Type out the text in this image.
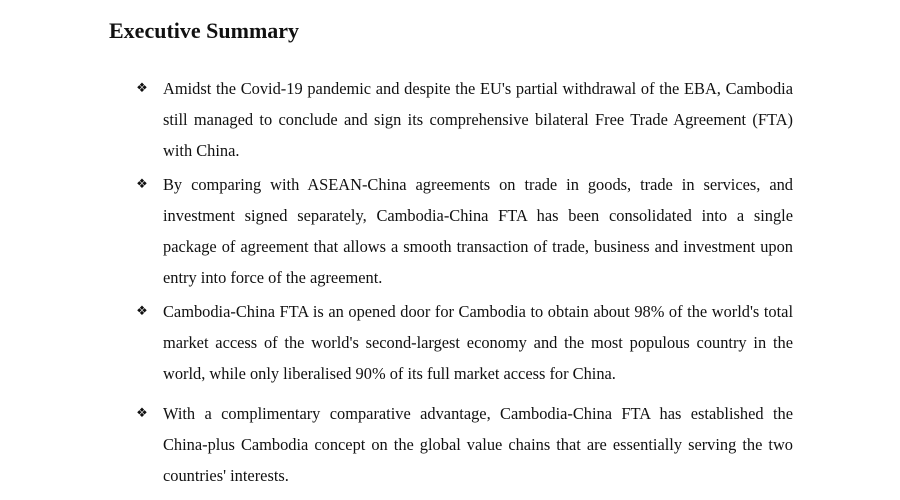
Executive Summary
❖ Amidst the Covid-19 pandemic and despite the EU's partial withdrawal of the EBA, Cambodia still managed to conclude and sign its comprehensive bilateral Free Trade Agreement (FTA) with China.
❖ By comparing with ASEAN-China agreements on trade in goods, trade in services, and investment signed separately, Cambodia-China FTA has been consolidated into a single package of agreement that allows a smooth transaction of trade, business and investment upon entry into force of the agreement.
❖ Cambodia-China FTA is an opened door for Cambodia to obtain about 98% of the world's total market access of the world's second-largest economy and the most populous country in the world, while only liberalised 90% of its full market access for China.
❖ With a complimentary comparative advantage, Cambodia-China FTA has established the China-plus Cambodia concept on the global value chains that are essentially serving the two countries' interests.
